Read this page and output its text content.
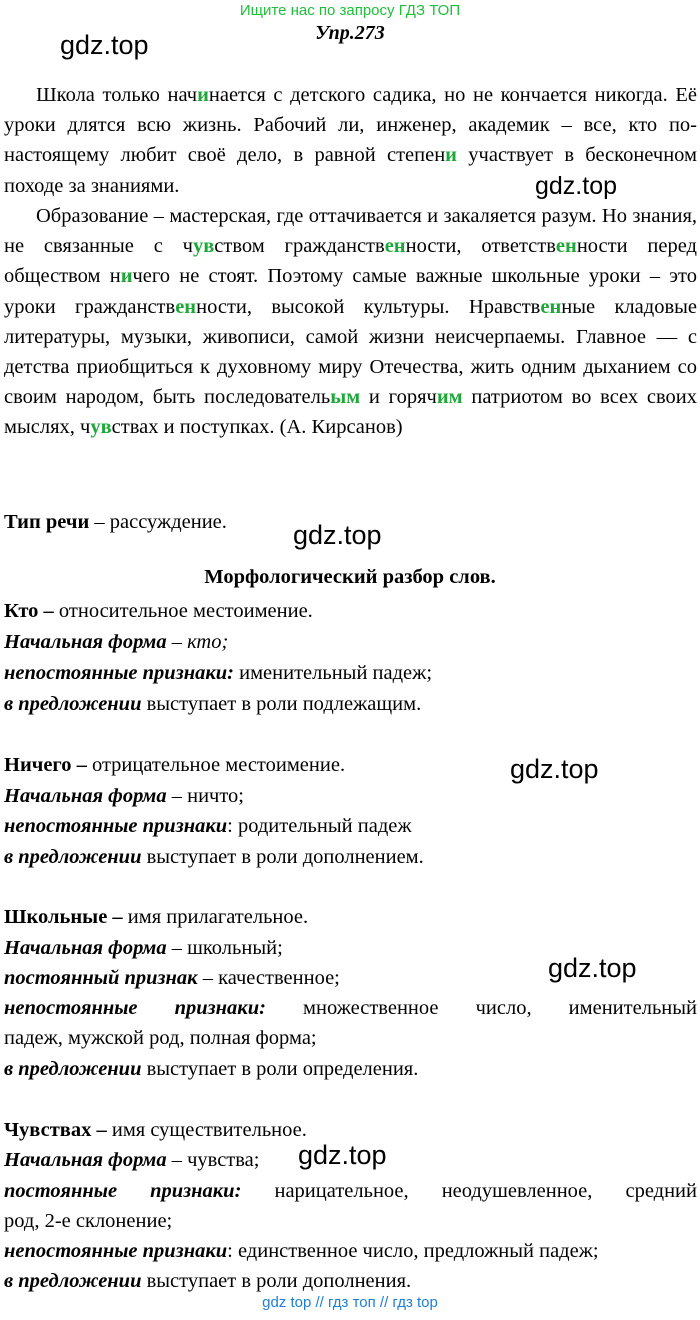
Ищите нас по запросу ГДЗ ТОП
Упр.273
gdz.top
gdz.top
gdz.top
gdz.top
gdz.top
gdz.top

Школа только начинается с детского садика, но не кончается никогда. Её уроки длятся всю жизнь. Рабочий ли, инженер, академик – все, кто по-настоящему любит своё дело, в равной степени участвует в бесконечном походе за знаниями.

Образование – мастерская, где оттачивается и закаляется разум. Но знания, не связанные с чувством гражданственности, ответственности перед обществом ничего не стоят. Поэтому самые важные школьные уроки – это уроки гражданственности, высокой культуры. Нравственные кладовые литературы, музыки, живописи, самой жизни неисчерпаемы. Главное — с детства приобщиться к духовному миру Отечества, жить одним дыханием со своим народом, быть последовательым и горячим патриотом во всех своих мыслях, чувствах и поступках. (А. Кирсанов)

Тип речи – рассуждение.
Морфологический разбор слов.
Кто – относительное местоимение.
Начальная форма – кто;
непостоянные признаки: именительный падеж;
в предложении выступает в роли подлежащим.
Ничего – отрицательное местоимение.
Начальная форма – ничто;
непостоянные признаки: родительный падеж
в предложении выступает в роли дополнением.
Школьные – имя прилагательное.
Начальная форма – школьный;
постоянный признак – качественное;
непостоянные признаки: множественное число, именительный
падеж, мужской род, полная форма;
в предложении выступает в роли определения.
Чувствах – имя существительное.
Начальная форма – чувства;
постоянные признаки: нарицательное, неодушевленное, средний
род, 2-е склонение;
непостоянные признаки: единственное число, предложный падеж;
в предложении выступает в роли дополнения.
gdz top // гдз топ // гдз top
